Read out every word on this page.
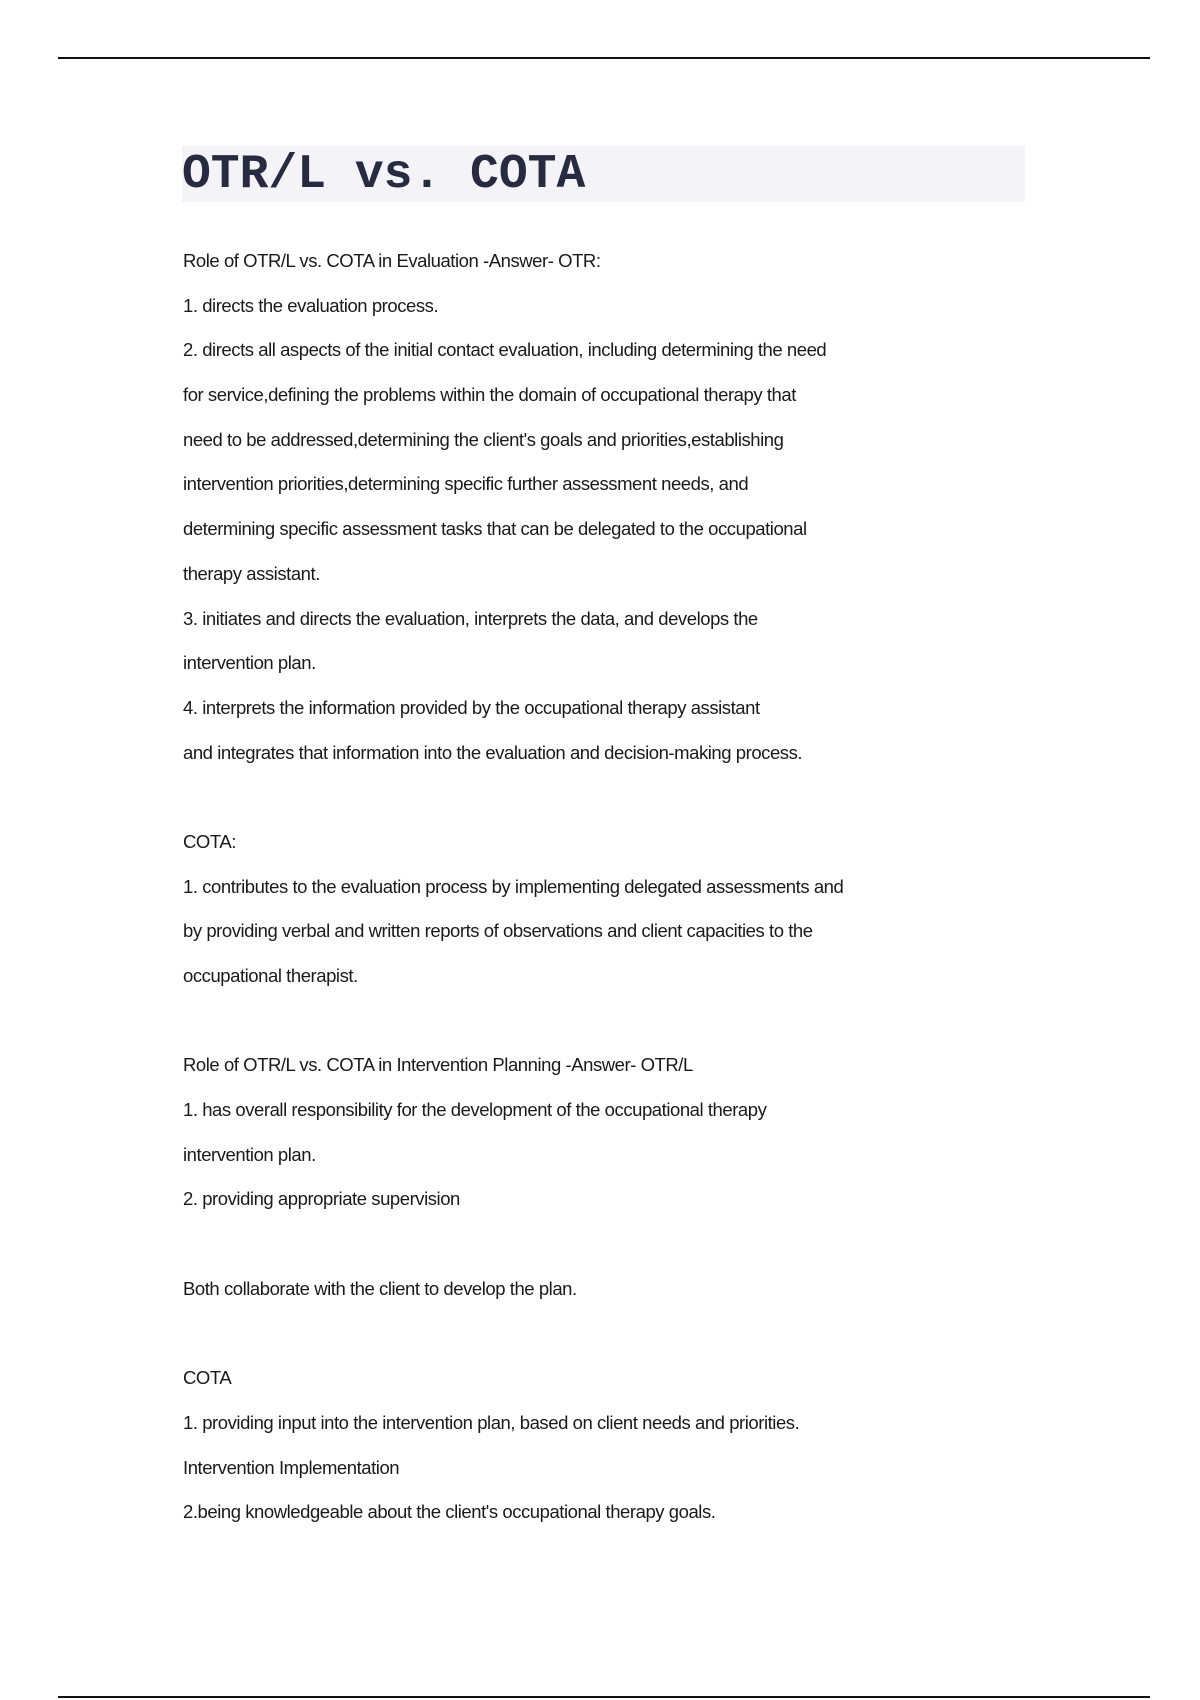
OTR/L vs. COTA
Role of OTR/L vs. COTA in Evaluation -Answer- OTR:
1. directs the evaluation process.
2. directs all aspects of the initial contact evaluation, including determining the need
for service,defining the problems within the domain of occupational therapy that
need to be addressed,determining the client's goals and priorities,establishing
intervention priorities,determining specific further assessment needs, and
determining specific assessment tasks that can be delegated to the occupational
therapy assistant.
3. initiates and directs the evaluation, interprets the data, and develops the
intervention plan.
4. interprets the information provided by the occupational therapy assistant
and integrates that information into the evaluation and decision-making process.
COTA:
1. contributes to the evaluation process by implementing delegated assessments and
by providing verbal and written reports of observations and client capacities to the
occupational therapist.
Role of OTR/L vs. COTA in Intervention Planning -Answer- OTR/L
1. has overall responsibility for the development of the occupational therapy
intervention plan.
2. providing appropriate supervision
Both collaborate with the client to develop the plan.
COTA
1. providing input into the intervention plan, based on client needs and priorities.
Intervention Implementation
2.being knowledgeable about the client's occupational therapy goals.
